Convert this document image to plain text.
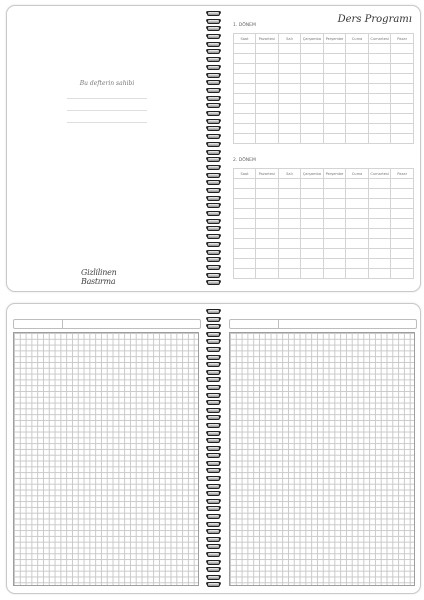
Bu defterin sahibi
Gizlilinen Bastırma
Ders Programı
1. DÖNEM
Saat	Pazartesi	Salı	Çarşamba	Perşembe	Cuma	Cumartesi	Pazar

2. DÖNEM
Saat	Pazartesi	Salı	Çarşamba	Perşembe	Cuma	Cumartesi	Pazar
